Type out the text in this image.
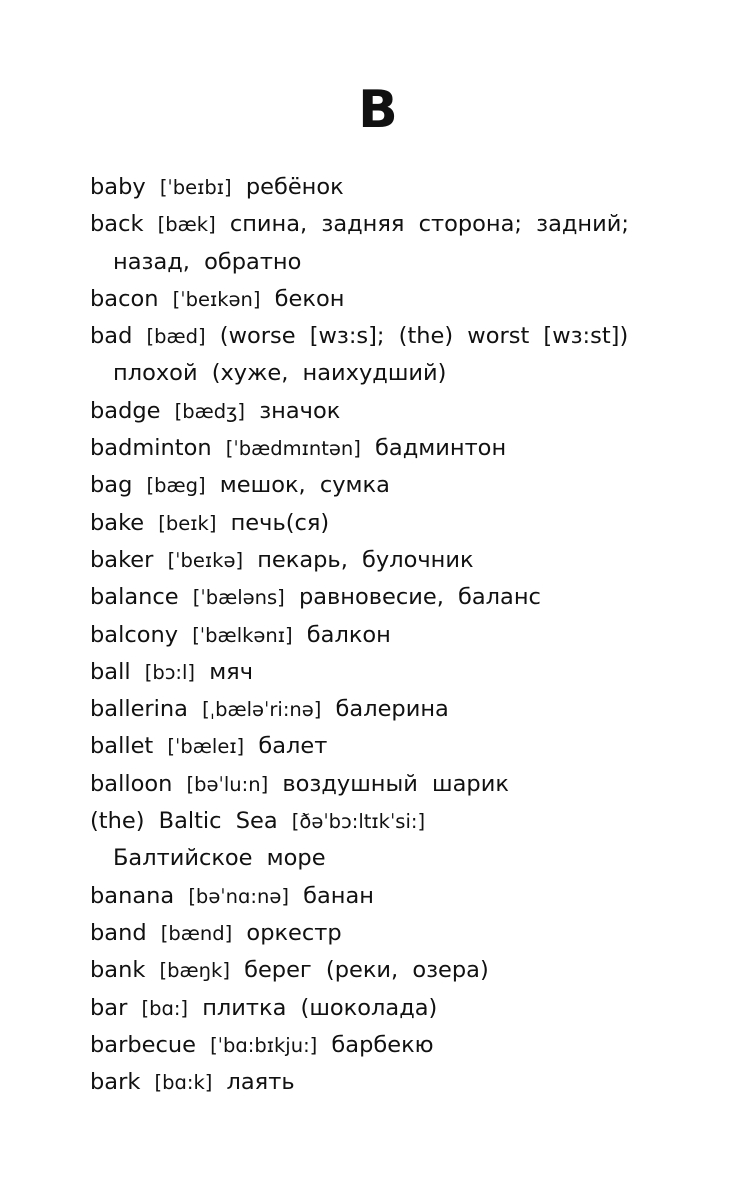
B
baby [ˈbeɪbɪ] ребёнок
back [bæk] спина, задняя сторона; задний;
назад, обратно
bacon [ˈbeɪkən] бекон
bad [bæd] (worse [wɜ:s]; (the) worst [wɜ:st])
плохой (хуже, наихудший)
badge [bædʒ] значок
badminton [ˈbædmɪntən] бадминтон
bag [bæg] мешок, сумка
bake [beɪk] печь(ся)
baker [ˈbeɪkə] пекарь, булочник
balance [ˈbæləns] равновесие, баланс
balcony [ˈbælkənɪ] балкон
ball [bɔ:l] мяч
ballerina [ˌbæləˈri:nə] балерина
ballet [ˈbæleɪ] балет
balloon [bəˈlu:n] воздушный шарик
(the) Baltic Sea [ðəˈbɔ:ltɪkˈsi:]
Балтийское море
banana [bəˈnɑ:nə] банан
band [bænd] оркестр
bank [bæŋk] берег (реки, озера)
bar [bɑ:] плитка (шоколада)
barbecue [ˈbɑ:bɪkju:] барбекю
bark [bɑ:k] лаять
